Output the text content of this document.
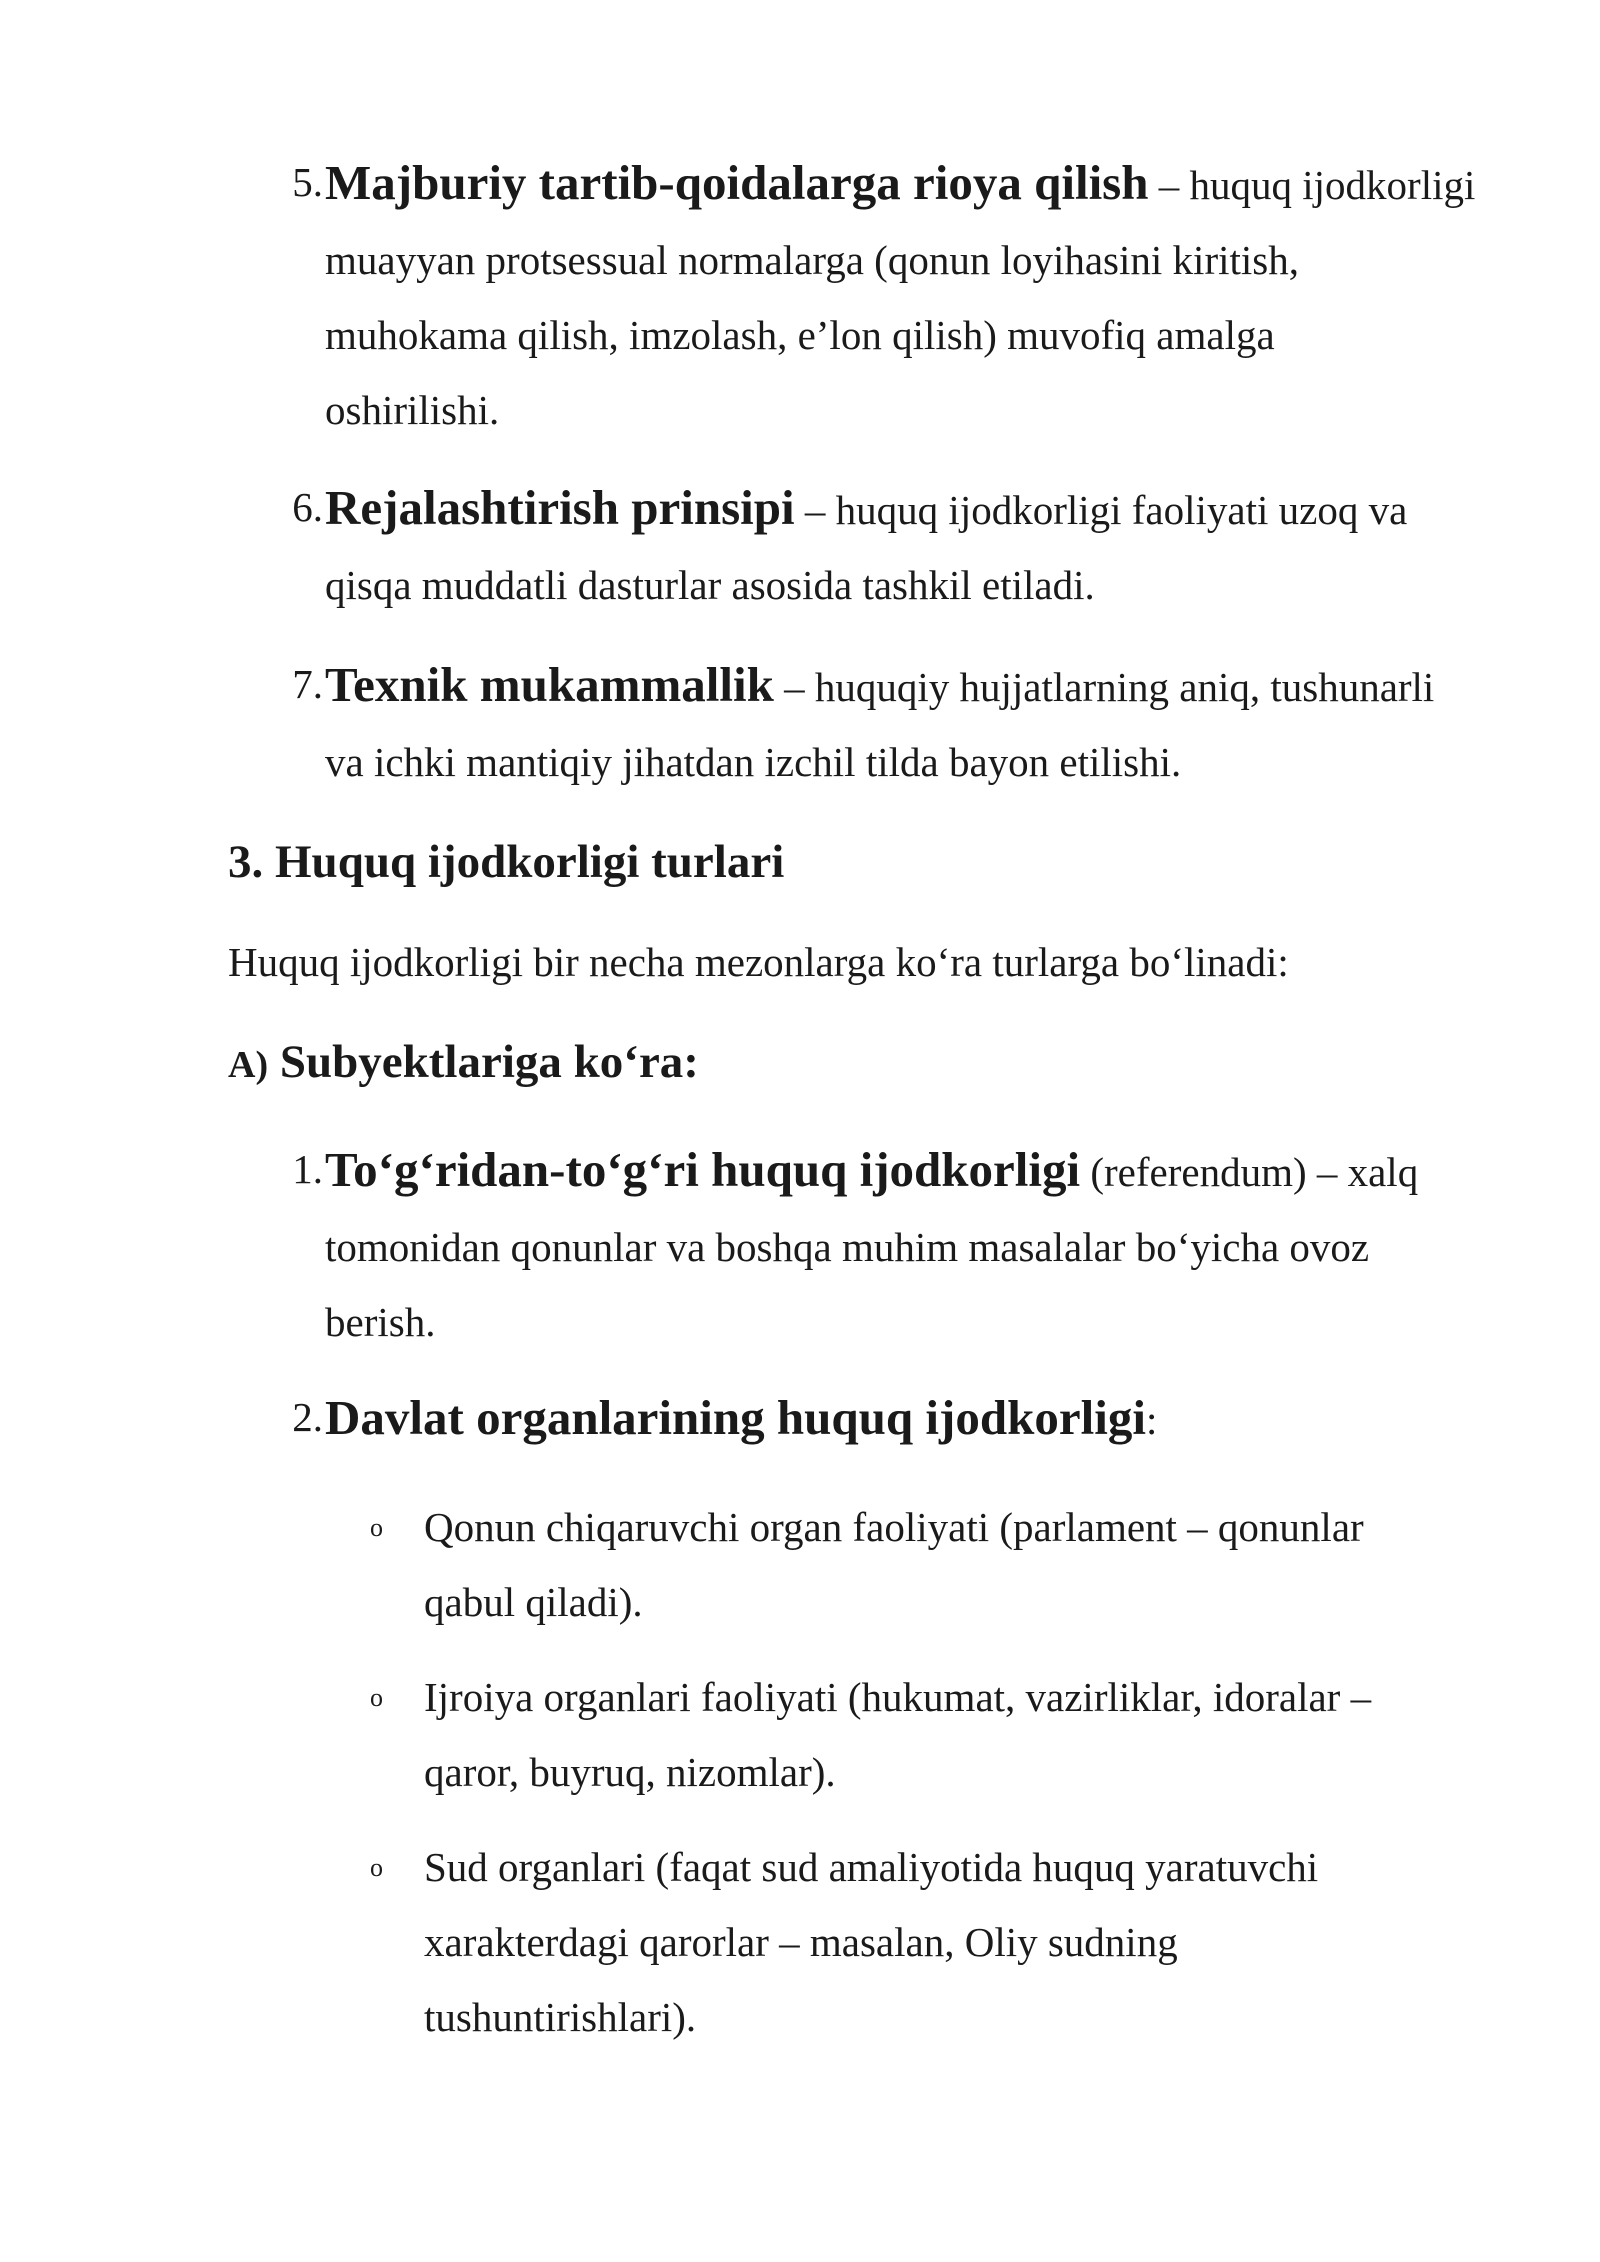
5. Majburiy tartib-qoidalarga rioya qilish – huquq ijodkorligi
muayyan protsessual normalarga (qonun loyihasini kiritish,
muhokama qilish, imzolash, e’lon qilish) muvofiq amalga
oshirilishi.
6. Rejalashtirish prinsipi – huquq ijodkorligi faoliyati uzoq va
qisqa muddatli dasturlar asosida tashkil etiladi.
7. Texnik mukammallik – huquqiy hujjatlarning aniq, tushunarli
va ichki mantiqiy jihatdan izchil tilda bayon etilishi.
3. Huquq ijodkorligi turlari
Huquq ijodkorligi bir necha mezonlarga ko‘ra turlarga bo‘linadi:
A) Subyektlariga ko‘ra:
1. To‘g‘ridan-to‘g‘ri huquq ijodkorligi (referendum) – xalq
tomonidan qonunlar va boshqa muhim masalalar bo‘yicha ovoz
berish.
2. Davlat organlarining huquq ijodkorligi:
o Qonun chiqaruvchi organ faoliyati (parlament – qonunlar
qabul qiladi).
o Ijroiya organlari faoliyati (hukumat, vazirliklar, idoralar –
qaror, buyruq, nizomlar).
o Sud organlari (faqat sud amaliyotida huquq yaratuvchi
xarakterdagi qarorlar – masalan, Oliy sudning
tushuntirishlari).
